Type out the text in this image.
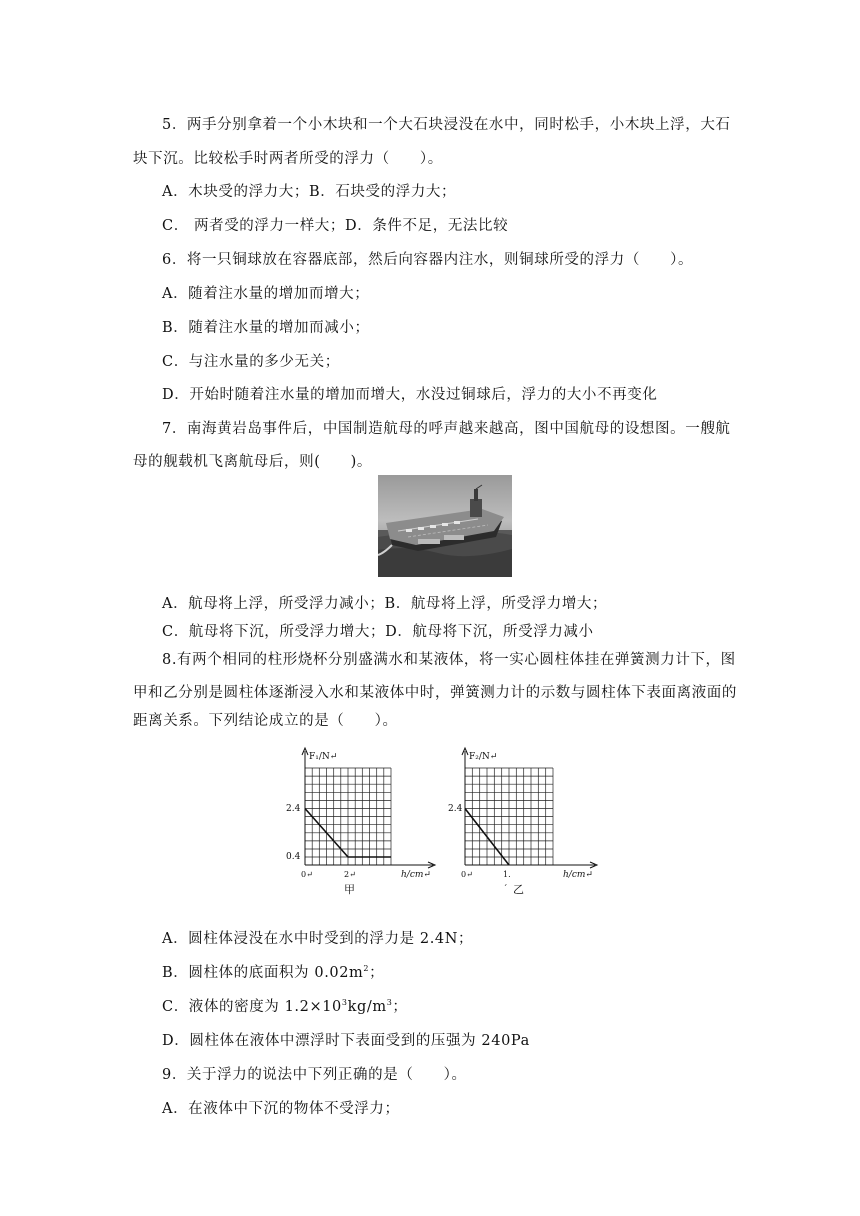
5．两手分别拿着一个小木块和一个大石块浸没在水中，同时松手，小木块上浮，大石
块下沉。比较松手时两者所受的浮力（　　）。
A．木块受的浮力大；B．石块受的浮力大；
C． 两者受的浮力一样大；D．条件不足，无法比较
6．将一只铜球放在容器底部，然后向容器内注水，则铜球所受的浮力（　　）。
A．随着注水量的增加而增大；
B．随着注水量的增加而减小；
C．与注水量的多少无关；
D．开始时随着注水量的增加而增大，水没过铜球后，浮力的大小不再变化
7．南海黄岩岛事件后，中国制造航母的呼声越来越高，图中国航母的设想图。一艘航
母的舰载机飞离航母后，则(　　)。
A．航母将上浮，所受浮力减小；B．航母将上浮，所受浮力增大；
C．航母将下沉，所受浮力增大；D．航母将下沉，所受浮力减小
8.有两个相同的柱形烧杯分别盛满水和某液体，将一实心圆柱体挂在弹簧测力计下，图
甲和乙分别是圆柱体逐渐浸入水和某液体中时，弹簧测力计的示数与圆柱体下表面离液面的
距离关系。下列结论成立的是（　　）。
F₁/N↵
2.4
0.4
0↵	2↵	h/cm↵
甲
F₂/N↵
2.4
0↵	1.	h/cm↵
ˊ 乙
A．圆柱体浸没在水中时受到的浮力是 2.4N；
B．圆柱体的底面积为 $0.02m^2$；
C．液体的密度为 $1.2\times 10^3kg/m^3$；
D．圆柱体在液体中漂浮时下表面受到的压强为 240Pa
9．关于浮力的说法中下列正确的是（　　）。
A．在液体中下沉的物体不受浮力；
